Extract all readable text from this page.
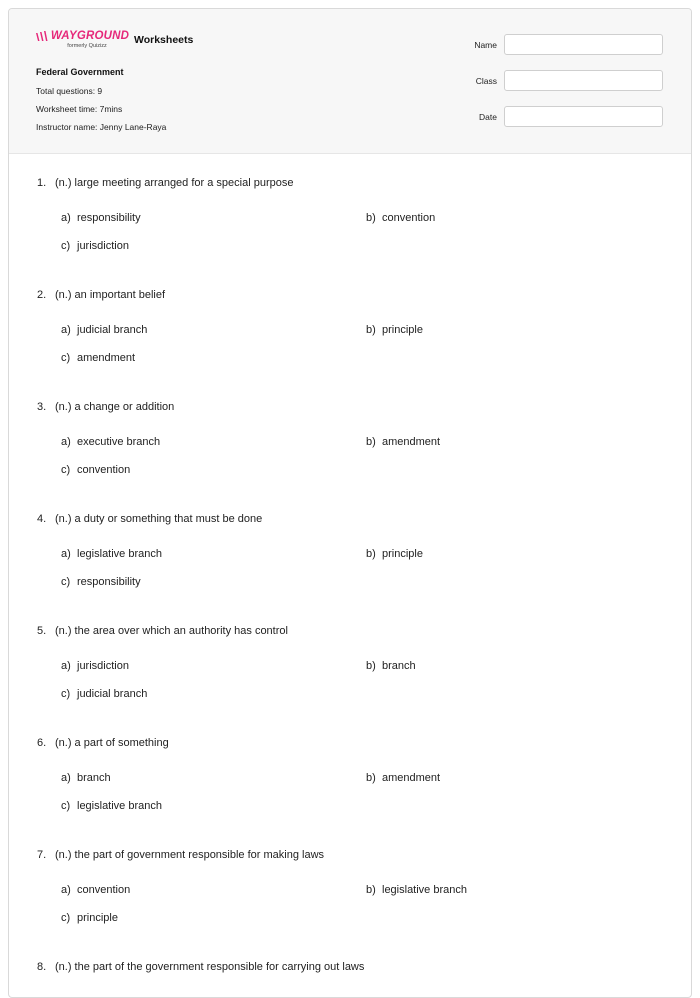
WAYGROUND
formerly Quizizz	Worksheets
Federal Government
Total questions: 9
Worksheet time: 7mins
Instructor name: Jenny Lane-Raya
Name
Class
Date
1. (n.) large meeting arranged for a special purpose
a) responsibility	b) convention
c) jurisdiction
2. (n.) an important belief
a) judicial branch	b) principle
c) amendment
3. (n.) a change or addition
a) executive branch	b) amendment
c) convention
4. (n.) a duty or something that must be done
a) legislative branch	b) principle
c) responsibility
5. (n.) the area over which an authority has control
a) jurisdiction	b) branch
c) judicial branch
6. (n.) a part of something
a) branch	b) amendment
c) legislative branch
7. (n.) the part of government responsible for making laws
a) convention	b) legislative branch
c) principle
8. (n.) the part of the government responsible for carrying out laws
